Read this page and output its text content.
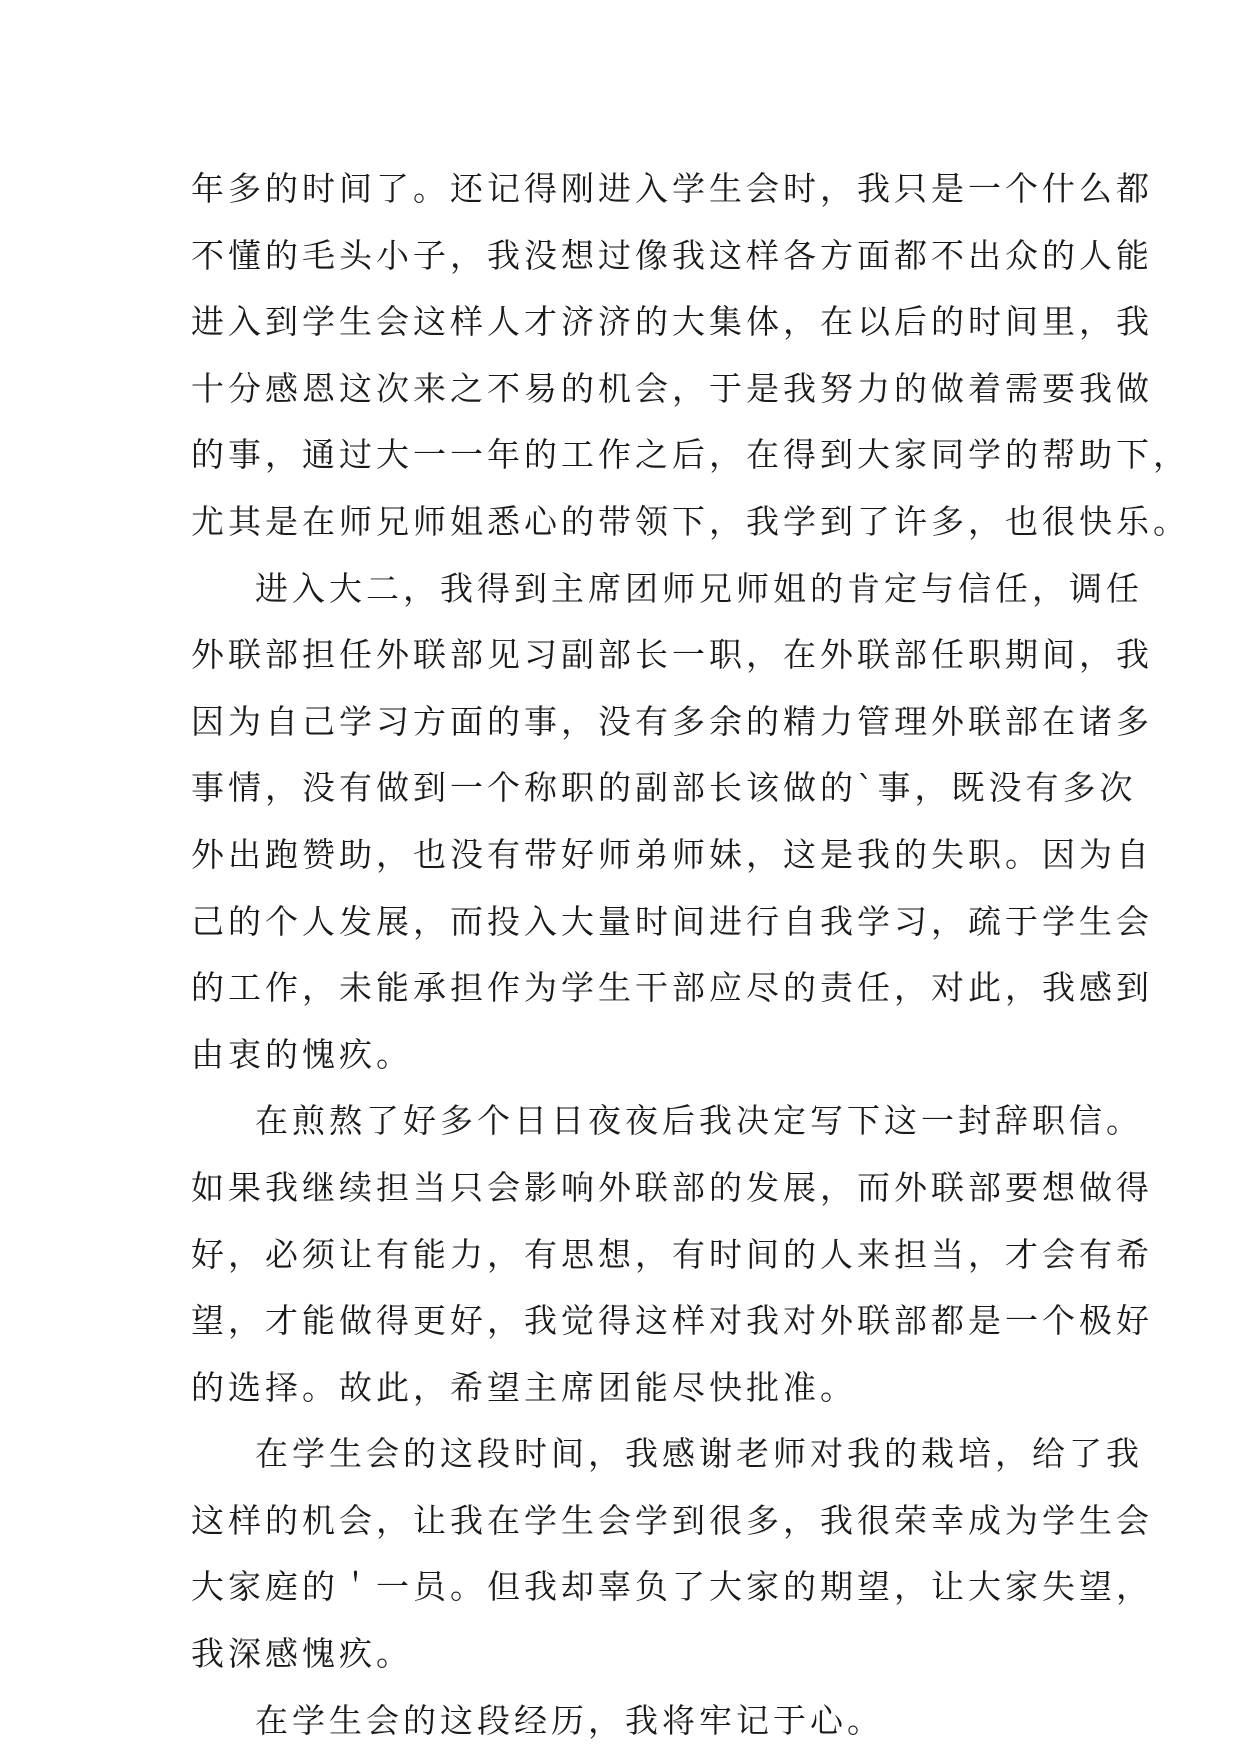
年多的时间了。还记得刚进入学生会时，我只是一个什么都
不懂的毛头小子，我没想过像我这样各方面都不出众的人能
进入到学生会这样人才济济的大集体，在以后的时间里，我
十分感恩这次来之不易的机会，于是我努力的做着需要我做
的事，通过大一一年的工作之后，在得到大家同学的帮助下，
尤其是在师兄师姐悉心的带领下，我学到了许多，也很快乐。
进入大二，我得到主席团师兄师姐的肯定与信任，调任
外联部担任外联部见习副部长一职，在外联部任职期间，我
因为自己学习方面的事，没有多余的精力管理外联部在诸多
事情，没有做到一个称职的副部长该做的`事，既没有多次
外出跑赞助，也没有带好师弟师妹，这是我的失职。因为自
己的个人发展，而投入大量时间进行自我学习，疏于学生会
的工作，未能承担作为学生干部应尽的责任，对此，我感到
由衷的愧疚。
在煎熬了好多个日日夜夜后我决定写下这一封辞职信。
如果我继续担当只会影响外联部的发展，而外联部要想做得
好，必须让有能力，有思想，有时间的人来担当，才会有希
望，才能做得更好，我觉得这样对我对外联部都是一个极好
的选择。故此，希望主席团能尽快批准。
在学生会的这段时间，我感谢老师对我的栽培，给了我
这样的机会，让我在学生会学到很多，我很荣幸成为学生会
大家庭的＇一员。但我却辜负了大家的期望，让大家失望，
我深感愧疚。
在学生会的这段经历，我将牢记于心。
